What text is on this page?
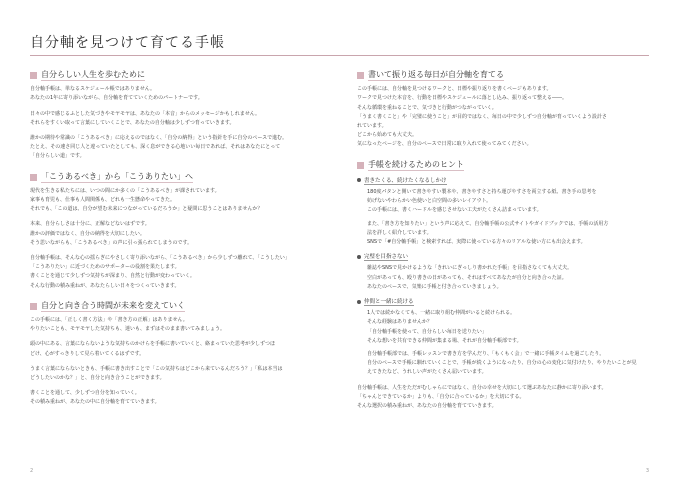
自分軸を見つけて育てる手帳
自分らしい人生を歩むために
自分軸手帳は、単なるスケジュール帳ではありません。
あなたの1年に寄り添いながら、自分軸を育てていくためのパートナーです。
日々の中で感じるふとした気づきやモヤモヤは、あなたの「本音」からのメッセージかもしれません。
それらをすくい取って言葉にしていくことで、あなたの自分軸は少しずつ育っていきます。
誰かの期待や常識の「こうあるべき」に応えるのではなく、「自分の納得」という指針を手に自分のペースで進む。
たとえ、その速さ同じ人と違っていたとしても、深く息ができる心地いい毎日であれば、それはあなたにとって
「自分らしい道」です。
「こうあるべき」から「こうありたい」へ
現代を生きる私たちには、いつの間にか多くの「こうあるべき」が課されています。
家事も育児も、仕事も人間関係も、どれも一生懸命やってきた。
それでも、「この道は、自分が望む未来につながっているだろうか」と疑問に思うことはありませんか？
本来、自分らしさは十分に、正解などないはずです。
誰かの評価ではなく、自分の納得を大切にしたい。
そう思いながらも、「こうあるべき」の声に引っ張られてしまうのです。
自分軸手帳は、そんな心の揺らぎにやさしく寄り添いながら、「こうあるべき」から少しずつ離れて、「こうしたい」
「こうありたい」に近づくためのサポーターの役割を果たします。
書くことを通じて少しずつ気持ちが深まり、自然と行動が変わっていく。
そんな行動の積み重ねが、あなたらしい日々をつくっていきます。
自分と向き合う時間が未来を変えていく
この手帳には、「正しく書く方法」や「書き方の正解」はありません。
やりたいことも、モヤモヤした気持ちも、迷いも、まずはそのまま書いてみましょう。
頭の中にある、言葉にならないような気持ちのかけらを手帳に書いていくと、絡まっていた思考が少しずつほ
どけ、心がすっきりして見ら着いてくるはずです。
うまく言葉にならないときも、手帳に書き出すことで「この気持ちはどこから来ているんだろう？」「私は本当は
どうしたいのかな？」と、自分と向き合うことができます。
書くことを通して、少しずつ自分を知っていく。
その積み重ねが、あなたの中に自分軸を育てていきます。
書いて振り返る毎日が自分軸を育てる
この手帳には、自分軸を見つけるワークと、日標や振り返りを書くページもあります。
ワークで見つけた本音を、行動を日標やスケジュールに落とし込み、振り返って整える――。
そんな循環を重ねることで、気づきと行動がつながっていく。
「うまく書くこと」や「完璧に使うこと」が目的ではなく、毎日の中で少しずつ自分軸が育っていくよう設計さ
れています。
どこから始めても大丈夫。
気になったページを、自分のペースで日常に取り入れて使ってみてください。
手帳を続けるためのヒント
書きたくる、続けたくなるしかけ
180度パタンと開いて書きやすい製本や、書きやすさと持ち運びやすさを両立する紙、書き手の思考を
妨げないやわらかい色使いと白空間の多いレイアウト。
この手帳には、書くハードルを感じさせない工夫がたくさん詰まっています。
また、「書き方を知りたい」という声に応えて、自分軸手帳の公式サイトやガイドブックでは、手帳の活用方
法を詳しく紹介しています。
SNSで「#自分軸手帳」と検索すれば、実際に使っている方々のリアルな使い方にも出会えます。
完璧を目指さない
雑誌やSNSで見かけるような「きれいにぎっしり書かれた手帳」を目指さなくても大丈夫。
空白があっても、殴り書きの日があっても、それはすべてあなたが自分と向き合った証。
あなたのペースで、気楽に手帳と付き合っていきましょう。
仲間と一緒に続ける
1人では続かなくても、一緒に取り組む仲間がいると続けられる。
そんな経験はありませんか？
「自分軸手帳を使って、自分らしい毎日を送りたい」
そんな想いを共有できる仲間が集まる場、それが自分軸手帳部です。
自分軸手帳部では、手帳レッスンで書き方を学んだり、「もくもく会」で一緒に手帳タイムを過ごしたり。
自分のペースで手帳に馴れていくことで、手帳が続くようになったり、自分の心の変化に気付けたり、やりたいことが見
えてきたなど、うれしい声がたくさん届いています。
自分軸手帳は、人生をただがむしゃらにではなく、自分の幸せを大切にして選ぶあなたに静かに寄り添います。
「ちゃんとできているか」よりも、「自分に合っているか」を大切にする。
そんな選択の積み重ねが、あなたの自分軸を育てていきます。
2	3
